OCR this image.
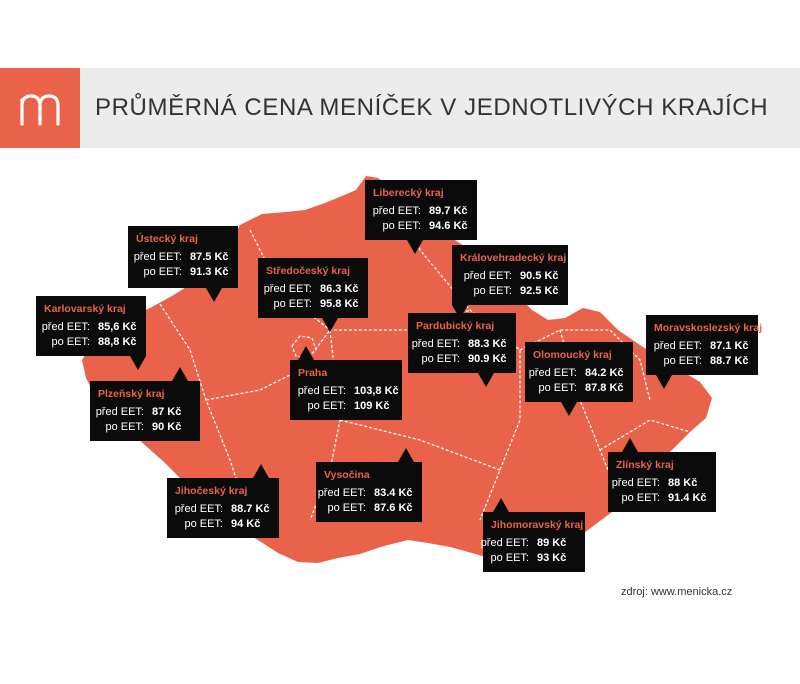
PRŮMĚRNÁ CENA MENÍČEK V JEDNOTLIVÝCH KRAJÍCH
Liberecký kraj
před EET: 89.7 Kč
po EET: 94.6 Kč
Ústecký kraj
před EET: 87.5 Kč
po EET: 91.3 Kč
Královehradecký kraj
před EET: 90.5 Kč
po EET: 92.5 Kč
Středočeský kraj
před EET: 86.3 Kč
po EET: 95.8 Kč
Karlovarský kraj
před EET: 85,6 Kč
po EET: 88,8 Kč
Pardubický kraj
před EET: 88.3 Kč
po EET: 90.9 Kč
Moravskoslezský kraj
před EET: 87.1 Kč
po EET: 88.7 Kč
Olomoucký kraj
před EET: 84.2 Kč
po EET: 87.8 Kč
Praha
před EET: 103,8 Kč
po EET: 109 Kč
Plzeňský kraj
před EET: 87 Kč
po EET: 90 Kč
Zlínský kraj
před EET: 88 Kč
po EET: 91.4 Kč
Vysočina
před EET: 83.4 Kč
po EET: 87.6 Kč
Jihočeský kraj
před EET: 88.7 Kč
po EET: 94 Kč	Jihomoravský kraj
před EET: 89 Kč
po EET: 93 Kč
zdroj: www.menicka.cz
